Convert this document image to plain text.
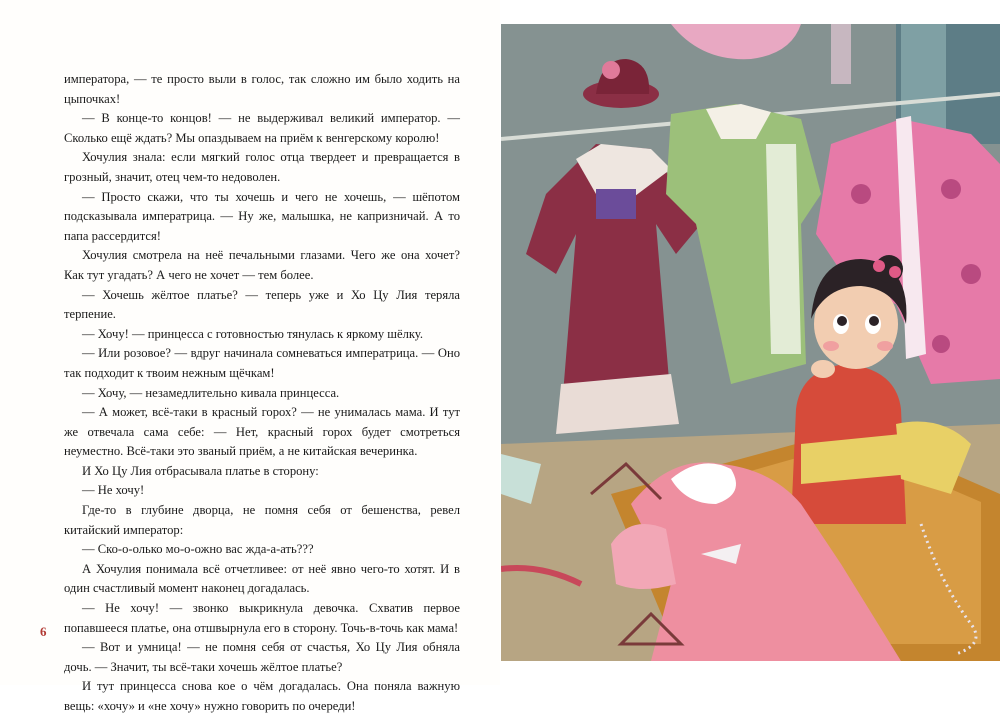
императора, — те просто выли в голос, так сложно им было ходить на цыпочках!

— В конце-то концов! — не выдерживал великий император. — Сколько ещё ждать? Мы опаздываем на приём к венгерскому королю!

Хочулия знала: если мягкий голос отца твердеет и превращается в грозный, значит, отец чем-то недоволен.

— Просто скажи, что ты хочешь и чего не хочешь, — шёпотом подсказывала императрица. — Ну же, малышка, не капризничай. А то папа рассердится!

Хочулия смотрела на неё печальными глазами. Чего же она хочет? Как тут угадать? А чего не хочет — тем более.

— Хочешь жёлтое платье? — теперь уже и Хо Цу Лия теряла терпение.

— Хочу! — принцесса с готовностью тянулась к яркому шёлку.

— Или розовое? — вдруг начинала сомневаться императрица. — Оно так подходит к твоим нежным щёчкам!

— Хочу, — незамедлительно кивала принцесса.

— А может, всё-таки в красный горох? — не унималась мама. И тут же отвечала сама себе: — Нет, красный горох будет смотреться неуместно. Всё-таки это званый приём, а не китайская вечеринка.

И Хо Цу Лия отбрасывала платье в сторону:

— Не хочу!

Где-то в глубине дворца, не помня себя от бешенства, ревел китайский император:

— Ско-о-олько мо-о-ожно вас жда-а-ать???

А Хочулия понимала всё отчетливее: от неё явно чего-то хотят. И в один счастливый момент наконец догадалась.

— Не хочу! — звонко выкрикнула девочка. Схватив первое попавшееся платье, она отшвырнула его в сторону. Точь-в-точь как мама!

— Вот и умница! — не помня себя от счастья, Хо Цу Лия обняла дочь. — Значит, ты всё-таки хочешь жёлтое платье?

И тут принцесса снова кое о чём догадалась. Она поняла важную вещь: «хочу» и «не хочу» нужно говорить по очереди!

6
